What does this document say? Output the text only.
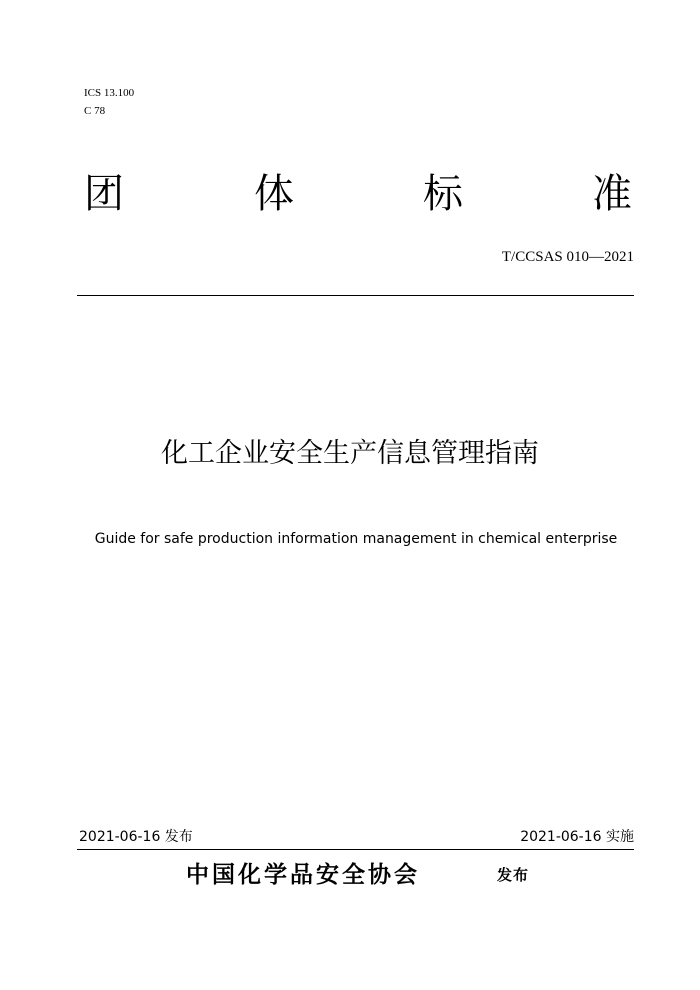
ICS 13.100
C 78
团	体	标	准
T/CCSAS 010—2021
化工企业安全生产信息管理指南
Guide for safe production information management in chemical enterprise
2021-06-16 发布	2021-06-16 实施
中国化学品安全协会	发布
